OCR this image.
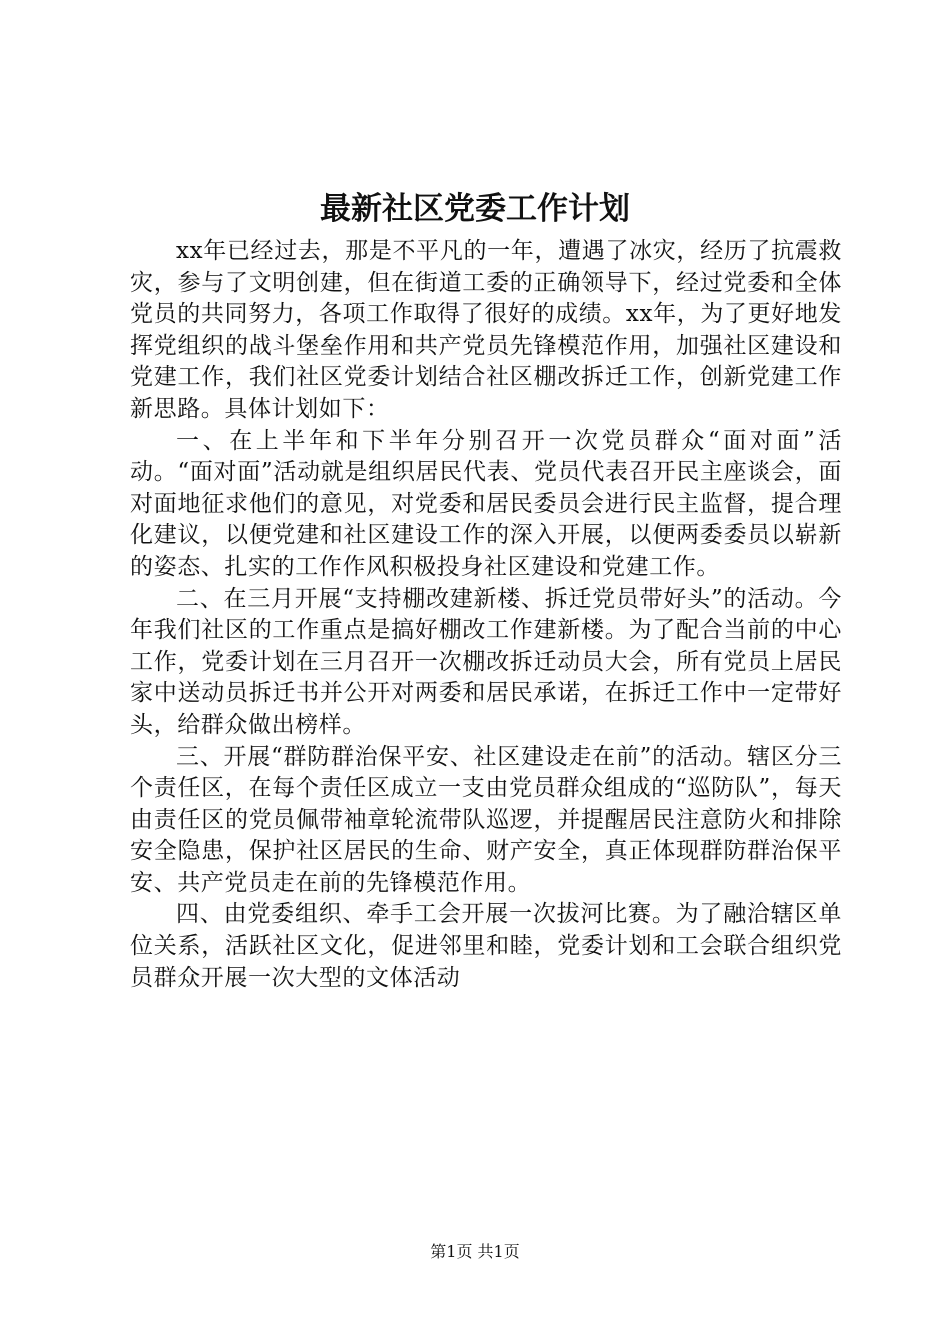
最新社区党委工作计划

xx年已经过去，那是不平凡的一年，遭遇了冰灾，经历了抗震救灾，参与了文明创建，但在街道工委的正确领导下，经过党委和全体党员的共同努力，各项工作取得了很好的成绩。xx年，为了更好地发挥党组织的战斗堡垒作用和共产党员先锋模范作用，加强社区建设和党建工作，我们社区党委计划结合社区棚改拆迁工作，创新党建工作新思路。具体计划如下：

一、在上半年和下半年分别召开一次党员群众“面对面”活动。“面对面”活动就是组织居民代表、党员代表召开民主座谈会，面对面地征求他们的意见，对党委和居民委员会进行民主监督，提合理化建议，以便党建和社区建设工作的深入开展，以便两委委员以崭新的姿态、扎实的工作作风积极投身社区建设和党建工作。

二、在三月开展“支持棚改建新楼、拆迁党员带好头”的活动。今年我们社区的工作重点是搞好棚改工作建新楼。为了配合当前的中心工作，党委计划在三月召开一次棚改拆迁动员大会，所有党员上居民家中送动员拆迁书并公开对两委和居民承诺，在拆迁工作中一定带好头，给群众做出榜样。

三、开展“群防群治保平安、社区建设走在前”的活动。辖区分三个责任区，在每个责任区成立一支由党员群众组成的“巡防队”，每天由责任区的党员佩带袖章轮流带队巡逻，并提醒居民注意防火和排除安全隐患，保护社区居民的生命、财产安全，真正体现群防群治保平安、共产党员走在前的先锋模范作用。

四、由党委组织、牵手工会开展一次拔河比赛。为了融洽辖区单位关系，活跃社区文化，促进邻里和睦，党委计划和工会联合组织党员群众开展一次大型的文体活动

第1页 共1页
